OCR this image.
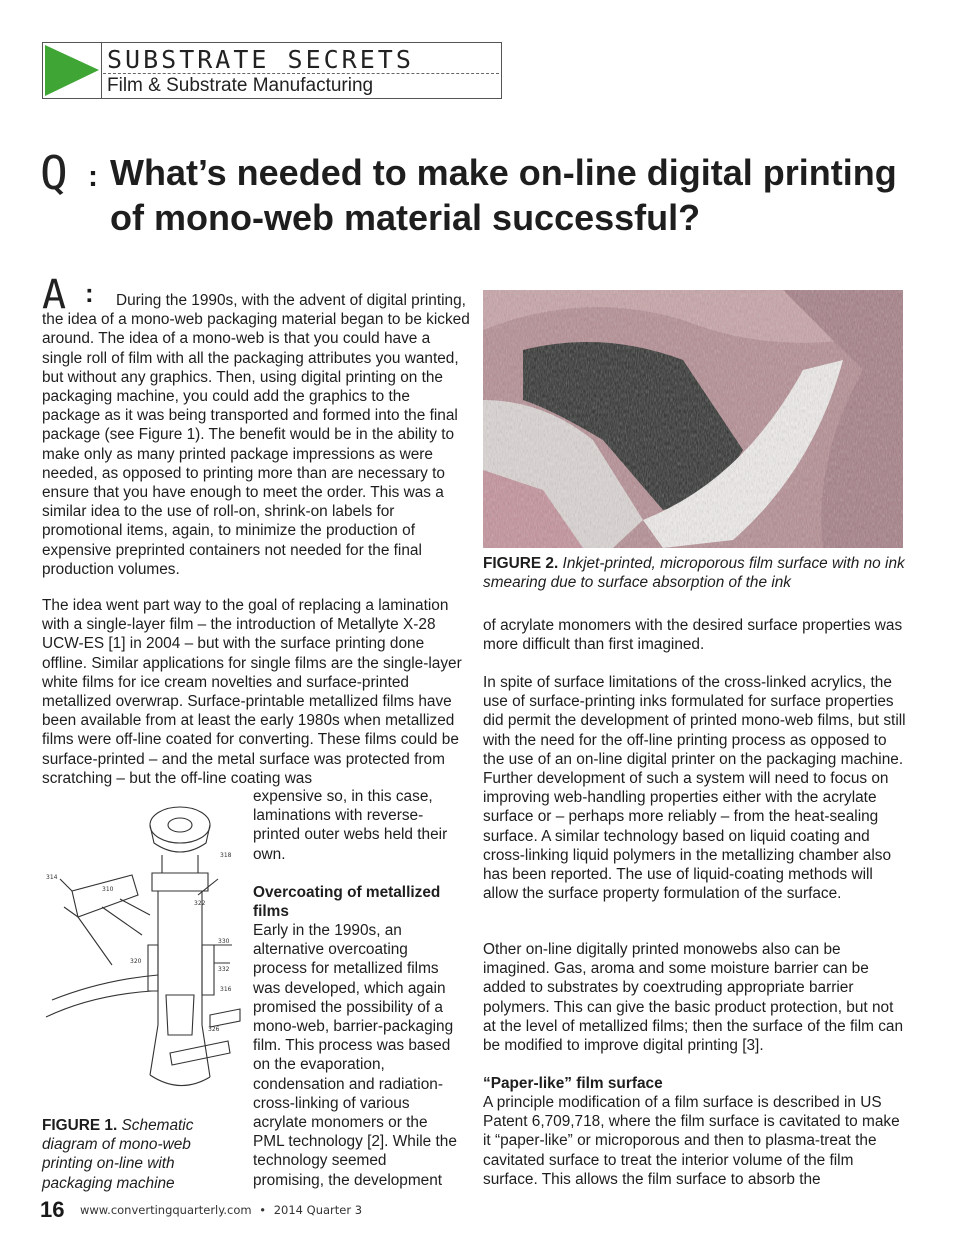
SUBSTRATE SECRETS
Film & Substrate Manufacturing
Q : What’s needed to make on-line digital printing of mono-web material successful?
A :	During the 1990s, with the advent of digital printing, the idea of a mono-web packaging material began to be kicked around. The idea of a mono-web is that you could have a single roll of film with all the packaging attributes you wanted, but without any graphics. Then, using digital printing on the packaging machine, you could add the graphics to the package as it was being transported and formed into the final package (see Figure 1). The benefit would be in the ability to make only as many printed package impressions as were needed, as opposed to printing more than are necessary to ensure that you have enough to meet the order. This was a similar idea to the use of roll-on, shrink-on labels for promotional items, again, to minimize the production of expensive preprinted containers not needed for the final production volumes.

The idea went part way to the goal of replacing a lamination with a single-layer film – the introduction of Metallyte X-28 UCW-ES [1] in 2004 – but with the surface printing done offline. Similar applications for single films are the single-layer white films for ice cream novelties and surface-printed metallized overwrap. Surface-printable metallized films have been available from at least the early 1980s when metallized films were off-line coated for converting. These films could be surface-printed – and the metal surface was protected from scratching – but the off-line coating was

expensive so, in this case, laminations with reverse-printed outer webs held their own.

Overcoating of metallized films

Early in the 1990s, an alternative overcoating process for metallized films was developed, which again promised the possibility of a mono-web, barrier-packaging film. This process was based on the evaporation, condensation and radiation-cross-linking of various acrylate monomers or the PML technology [2]. While the technology seemed promising, the development

318
310
322
314
320
330
332
316
326

FIGURE 1. Schematic diagram of mono-web printing on-line with packaging machine

FIGURE 2. Inkjet-printed, microporous film surface with no ink smearing due to surface absorption of the ink

of acrylate monomers with the desired surface properties was more difficult than first imagined.

In spite of surface limitations of the cross-linked acrylics, the use of surface-printing inks formulated for surface properties did permit the development of printed mono-web films, but still with the need for the off-line printing process as opposed to the use of an on-line digital printer on the packaging machine. Further development of such a system will need to focus on improving web-handling properties either with the acrylate surface or – perhaps more reliably – from the heat-sealing surface. A similar technology based on liquid coating and cross-linking liquid polymers in the metallizing chamber also has been reported. The use of liquid-coating methods will allow the surface property formulation of the surface.

Other on-line digitally printed monowebs also can be imagined. Gas, aroma and some moisture barrier can be added to substrates by coextruding appropriate barrier polymers. This can give the basic product protection, but not at the level of metallized films; then the surface of the film can be modified to improve digital printing [3].

“Paper-like” film surface

A principle modification of a film surface is described in US Patent 6,709,718, where the film surface is cavitated to make it “paper-like” or microporous and then to plasma-treat the cavitated surface to treat the interior volume of the film surface. This allows the film surface to absorb the

16 www.convertingquarterly.com • 2014 Quarter 3
